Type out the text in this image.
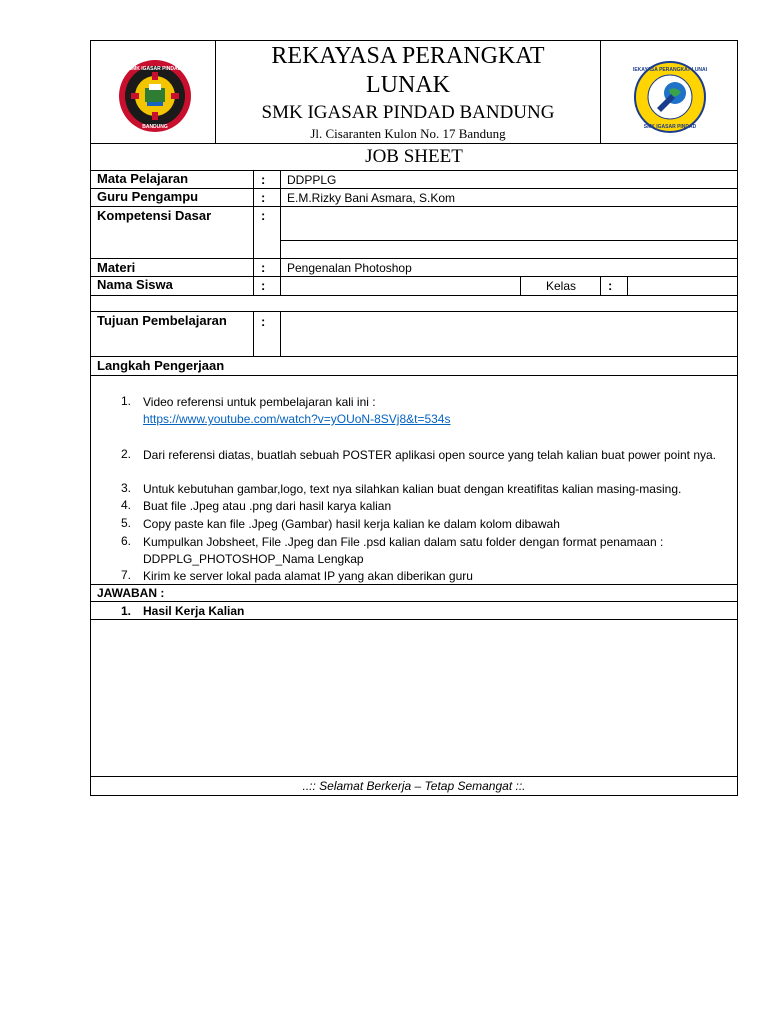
SMK IGASAR PINDAD
BANDUNG
REKAYASA PERANGKAT
LUNAK
SMK IGASAR PINDAD BANDUNG
Jl. Cisaranten Kulon No. 17 Bandung
REKAYASA PERANGKAT LUNAK
SMK IGASAR PINDAD
JOB SHEET
Mata Pelajaran	: DDPPLG
Guru Pengampu	: E.M.Rizky Bani Asmara, S.Kom
Kompetensi Dasar	:
Materi	: Pengenalan Photoshop
Nama Siswa	:	Kelas :
Tujuan Pembelajaran	:
Langkah Pengerjaan
1. Video referensi untuk pembelajaran kali ini :
https://www.youtube.com/watch?v=yOUoN-8SVj8&t=534s
2. Dari referensi diatas, buatlah sebuah POSTER aplikasi open source yang telah kalian buat power point nya.
3. Untuk kebutuhan gambar,logo, text nya silahkan kalian buat dengan kreatifitas kalian masing-masing.
4. Buat file .Jpeg atau .png dari hasil karya kalian
5. Copy paste kan file .Jpeg (Gambar) hasil kerja kalian ke dalam kolom dibawah
6. Kumpulkan Jobsheet, File .Jpeg dan File .psd kalian dalam satu folder dengan format penamaan : DDPPLG_PHOTOSHOP_Nama Lengkap
7. Kirim ke server lokal pada alamat IP yang akan diberikan guru
JAWABAN :
1. Hasil Kerja Kalian
..:: Selamat Berkerja – Tetap Semangat ::.
